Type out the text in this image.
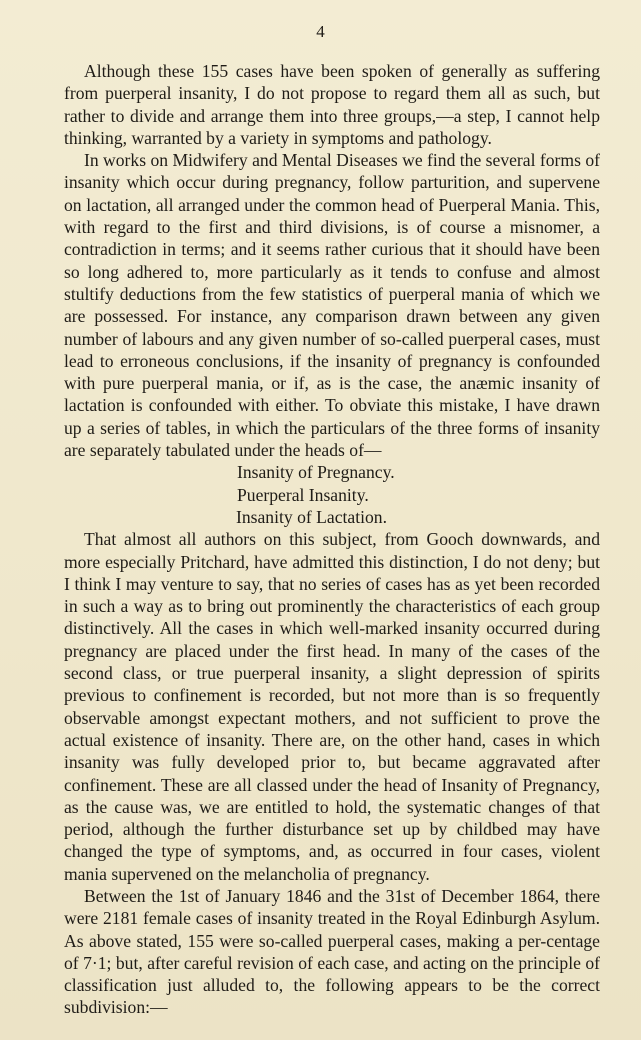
4

Although these 155 cases have been spoken of generally as suffering from puerperal insanity, I do not propose to regard them all as such, but rather to divide and arrange them into three groups,—a step, I cannot help thinking, warranted by a variety in symptoms and pathology.

In works on Midwifery and Mental Diseases we find the several forms of insanity which occur during pregnancy, follow parturition, and supervene on lactation, all arranged under the common head of Puerperal Mania. This, with regard to the first and third divisions, is of course a misnomer, a contradiction in terms; and it seems rather curious that it should have been so long adhered to, more particularly as it tends to confuse and almost stultify deductions from the few statistics of puerperal mania of which we are possessed. For instance, any comparison drawn between any given number of labours and any given number of so-called puerperal cases, must lead to erroneous conclusions, if the insanity of pregnancy is confounded with pure puerperal mania, or if, as is the case, the anæmic insanity of lactation is confounded with either. To obviate this mistake, I have drawn up a series of tables, in which the particulars of the three forms of insanity are separately tabulated under the heads of—

Insanity of Pregnancy.
Puerperal Insanity.
Insanity of Lactation.

That almost all authors on this subject, from Gooch downwards, and more especially Pritchard, have admitted this distinction, I do not deny; but I think I may venture to say, that no series of cases has as yet been recorded in such a way as to bring out prominently the characteristics of each group distinctively. All the cases in which well-marked insanity occurred during pregnancy are placed under the first head. In many of the cases of the second class, or true puerperal insanity, a slight depression of spirits previous to confinement is recorded, but not more than is so frequently observable amongst expectant mothers, and not sufficient to prove the actual existence of insanity. There are, on the other hand, cases in which insanity was fully developed prior to, but became aggravated after confinement. These are all classed under the head of Insanity of Pregnancy, as the cause was, we are entitled to hold, the systematic changes of that period, although the further disturbance set up by childbed may have changed the type of symptoms, and, as occurred in four cases, violent mania supervened on the melancholia of pregnancy.

Between the 1st of January 1846 and the 31st of December 1864, there were 2181 female cases of insanity treated in the Royal Edinburgh Asylum. As above stated, 155 were so-called puerperal cases, making a per-centage of 7·1; but, after careful revision of each case, and acting on the principle of classification just alluded to, the following appears to be the correct subdivision:—
